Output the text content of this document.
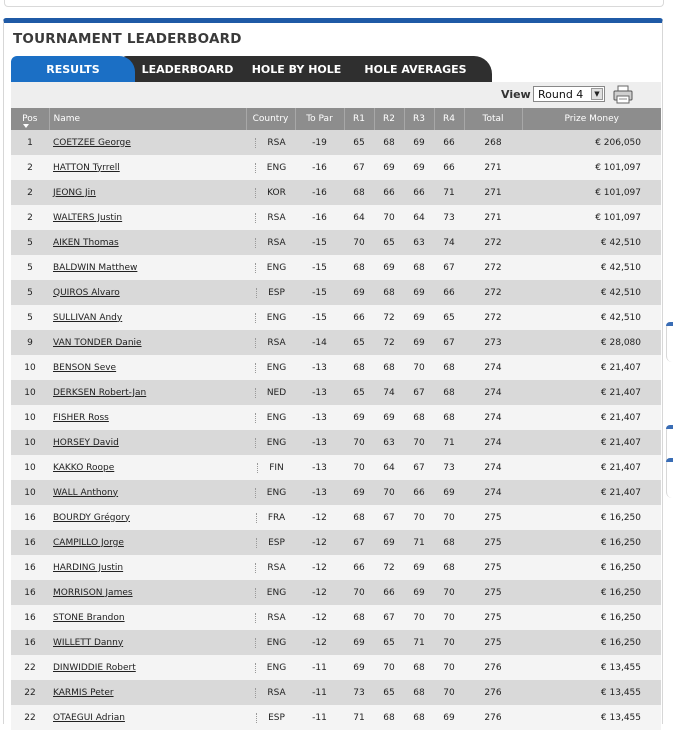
TOURNAMENT LEADERBOARD
RESULTS	LEADERBOARD	HOLE BY HOLE	HOLE AVERAGES
View Round 4	▼
Pos	Name	Country	To Par	R1	R2	R3	R4	Total	Prize Money
1	COETZEE George	RSA	-19	65	68	69	66	268	€ 206,050
2	HATTON Tyrrell	ENG	-16	67	69	69	66	271	€ 101,097
2	JEONG Jin	KOR	-16	68	66	66	71	271	€ 101,097
2	WALTERS Justin	RSA	-16	64	70	64	73	271	€ 101,097
5	AIKEN Thomas	RSA	-15	70	65	63	74	272	€ 42,510
5	BALDWIN Matthew	ENG	-15	68	69	68	67	272	€ 42,510
5	QUIROS Alvaro	ESP	-15	69	68	69	66	272	€ 42,510
5	SULLIVAN Andy	ENG	-15	66	72	69	65	272	€ 42,510
9	VAN TONDER Danie	RSA	-14	65	72	69	67	273	€ 28,080
10	BENSON Seve	ENG	-13	68	68	70	68	274	€ 21,407
10	DERKSEN Robert-Jan	NED	-13	65	74	67	68	274	€ 21,407
10	FISHER Ross	ENG	-13	69	69	68	68	274	€ 21,407
10	HORSEY David	ENG	-13	70	63	70	71	274	€ 21,407
10	KAKKO Roope	FIN	-13	70	64	67	73	274	€ 21,407
10	WALL Anthony	ENG	-13	69	70	66	69	274	€ 21,407
16	BOURDY Grégory	FRA	-12	68	67	70	70	275	€ 16,250
16	CAMPILLO Jorge	ESP	-12	67	69	71	68	275	€ 16,250
16	HARDING Justin	RSA	-12	66	72	69	68	275	€ 16,250
16	MORRISON James	ENG	-12	70	66	69	70	275	€ 16,250
16	STONE Brandon	RSA	-12	68	67	70	70	275	€ 16,250
16	WILLETT Danny	ENG	-12	69	65	71	70	275	€ 16,250
22	DINWIDDIE Robert	ENG	-11	69	70	68	70	276	€ 13,455
22	KARMIS Peter	RSA	-11	73	65	68	70	276	€ 13,455
22	OTAEGUI Adrian	ESP	-11	71	68	68	69	276	€ 13,455
